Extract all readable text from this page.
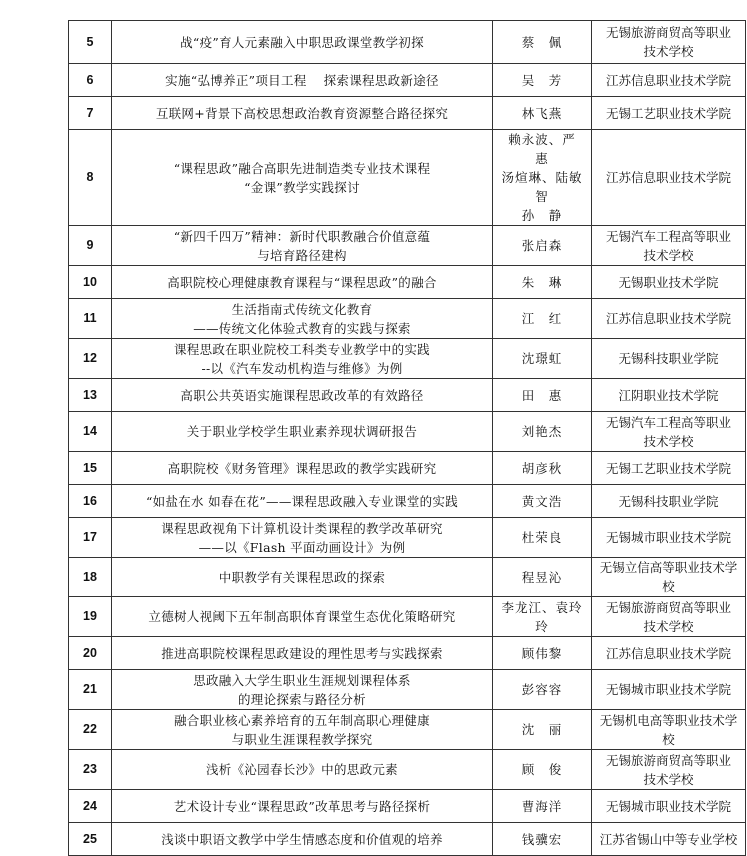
5	战“疫”育人元素融入中职思政课堂教学初探	蔡　佩	无锡旅游商贸高等职业
技术学校
6	实施“弘博养正”项目工程　 探索课程思政新途径	吴　芳	江苏信息职业技术学院
7	互联网+背景下高校思想政治教育资源整合路径探究	林飞燕	无锡工艺职业技术学院
8	“课程思政”融合高职先进制造类专业技术课程
“金课”教学实践探讨	赖永波、严　惠
汤煊琳、陆敏智
孙　静	江苏信息职业技术学院
9	“新四千四万”精神：新时代职教融合价值意蕴
与培育路径建构	张启森	无锡汽车工程高等职业
技术学校
10	高职院校心理健康教育课程与“课程思政”的融合	朱　琳	无锡职业技术学院
11	生活指南式传统文化教育
——传统文化体验式教育的实践与探索	江　红	江苏信息职业技术学院
12	课程思政在职业院校工科类专业教学中的实践
--以《汽车发动机构造与维修》为例	沈璟虹	无锡科技职业学院
13	高职公共英语实施课程思政改革的有效路径	田　惠	江阴职业技术学院
14	关于职业学校学生职业素养现状调研报告	刘艳杰	无锡汽车工程高等职业
技术学校
15	高职院校《财务管理》课程思政的教学实践研究	胡彦秋	无锡工艺职业技术学院
16	“如盐在水 如春在花”——课程思政融入专业课堂的实践	黄文浩	无锡科技职业学院
17	课程思政视角下计算机设计类课程的教学改革研究
——以《Flash 平面动画设计》为例	杜荣良	无锡城市职业技术学院
18	中职教学有关课程思政的探索	程昱沁	无锡立信高等职业技术学校
19	立德树人视阈下五年制高职体育课堂生态优化策略研究	李龙江、袁玲玲	无锡旅游商贸高等职业
技术学校
20	推进高职院校课程思政建设的理性思考与实践探索	顾伟黎	江苏信息职业技术学院
21	思政融入大学生职业生涯规划课程体系
的理论探索与路径分析	彭容容	无锡城市职业技术学院
22	融合职业核心素养培育的五年制高职心理健康
与职业生涯课程教学探究	沈　丽	无锡机电高等职业技术学校
23	浅析《沁园春长沙》中的思政元素	顾　俊	无锡旅游商贸高等职业
技术学校
24	艺术设计专业“课程思政”改革思考与路径探析	曹海洋	无锡城市职业技术学院
25	浅谈中职语文教学中学生情感态度和价值观的培养	钱骥宏	江苏省锡山中等专业学校
